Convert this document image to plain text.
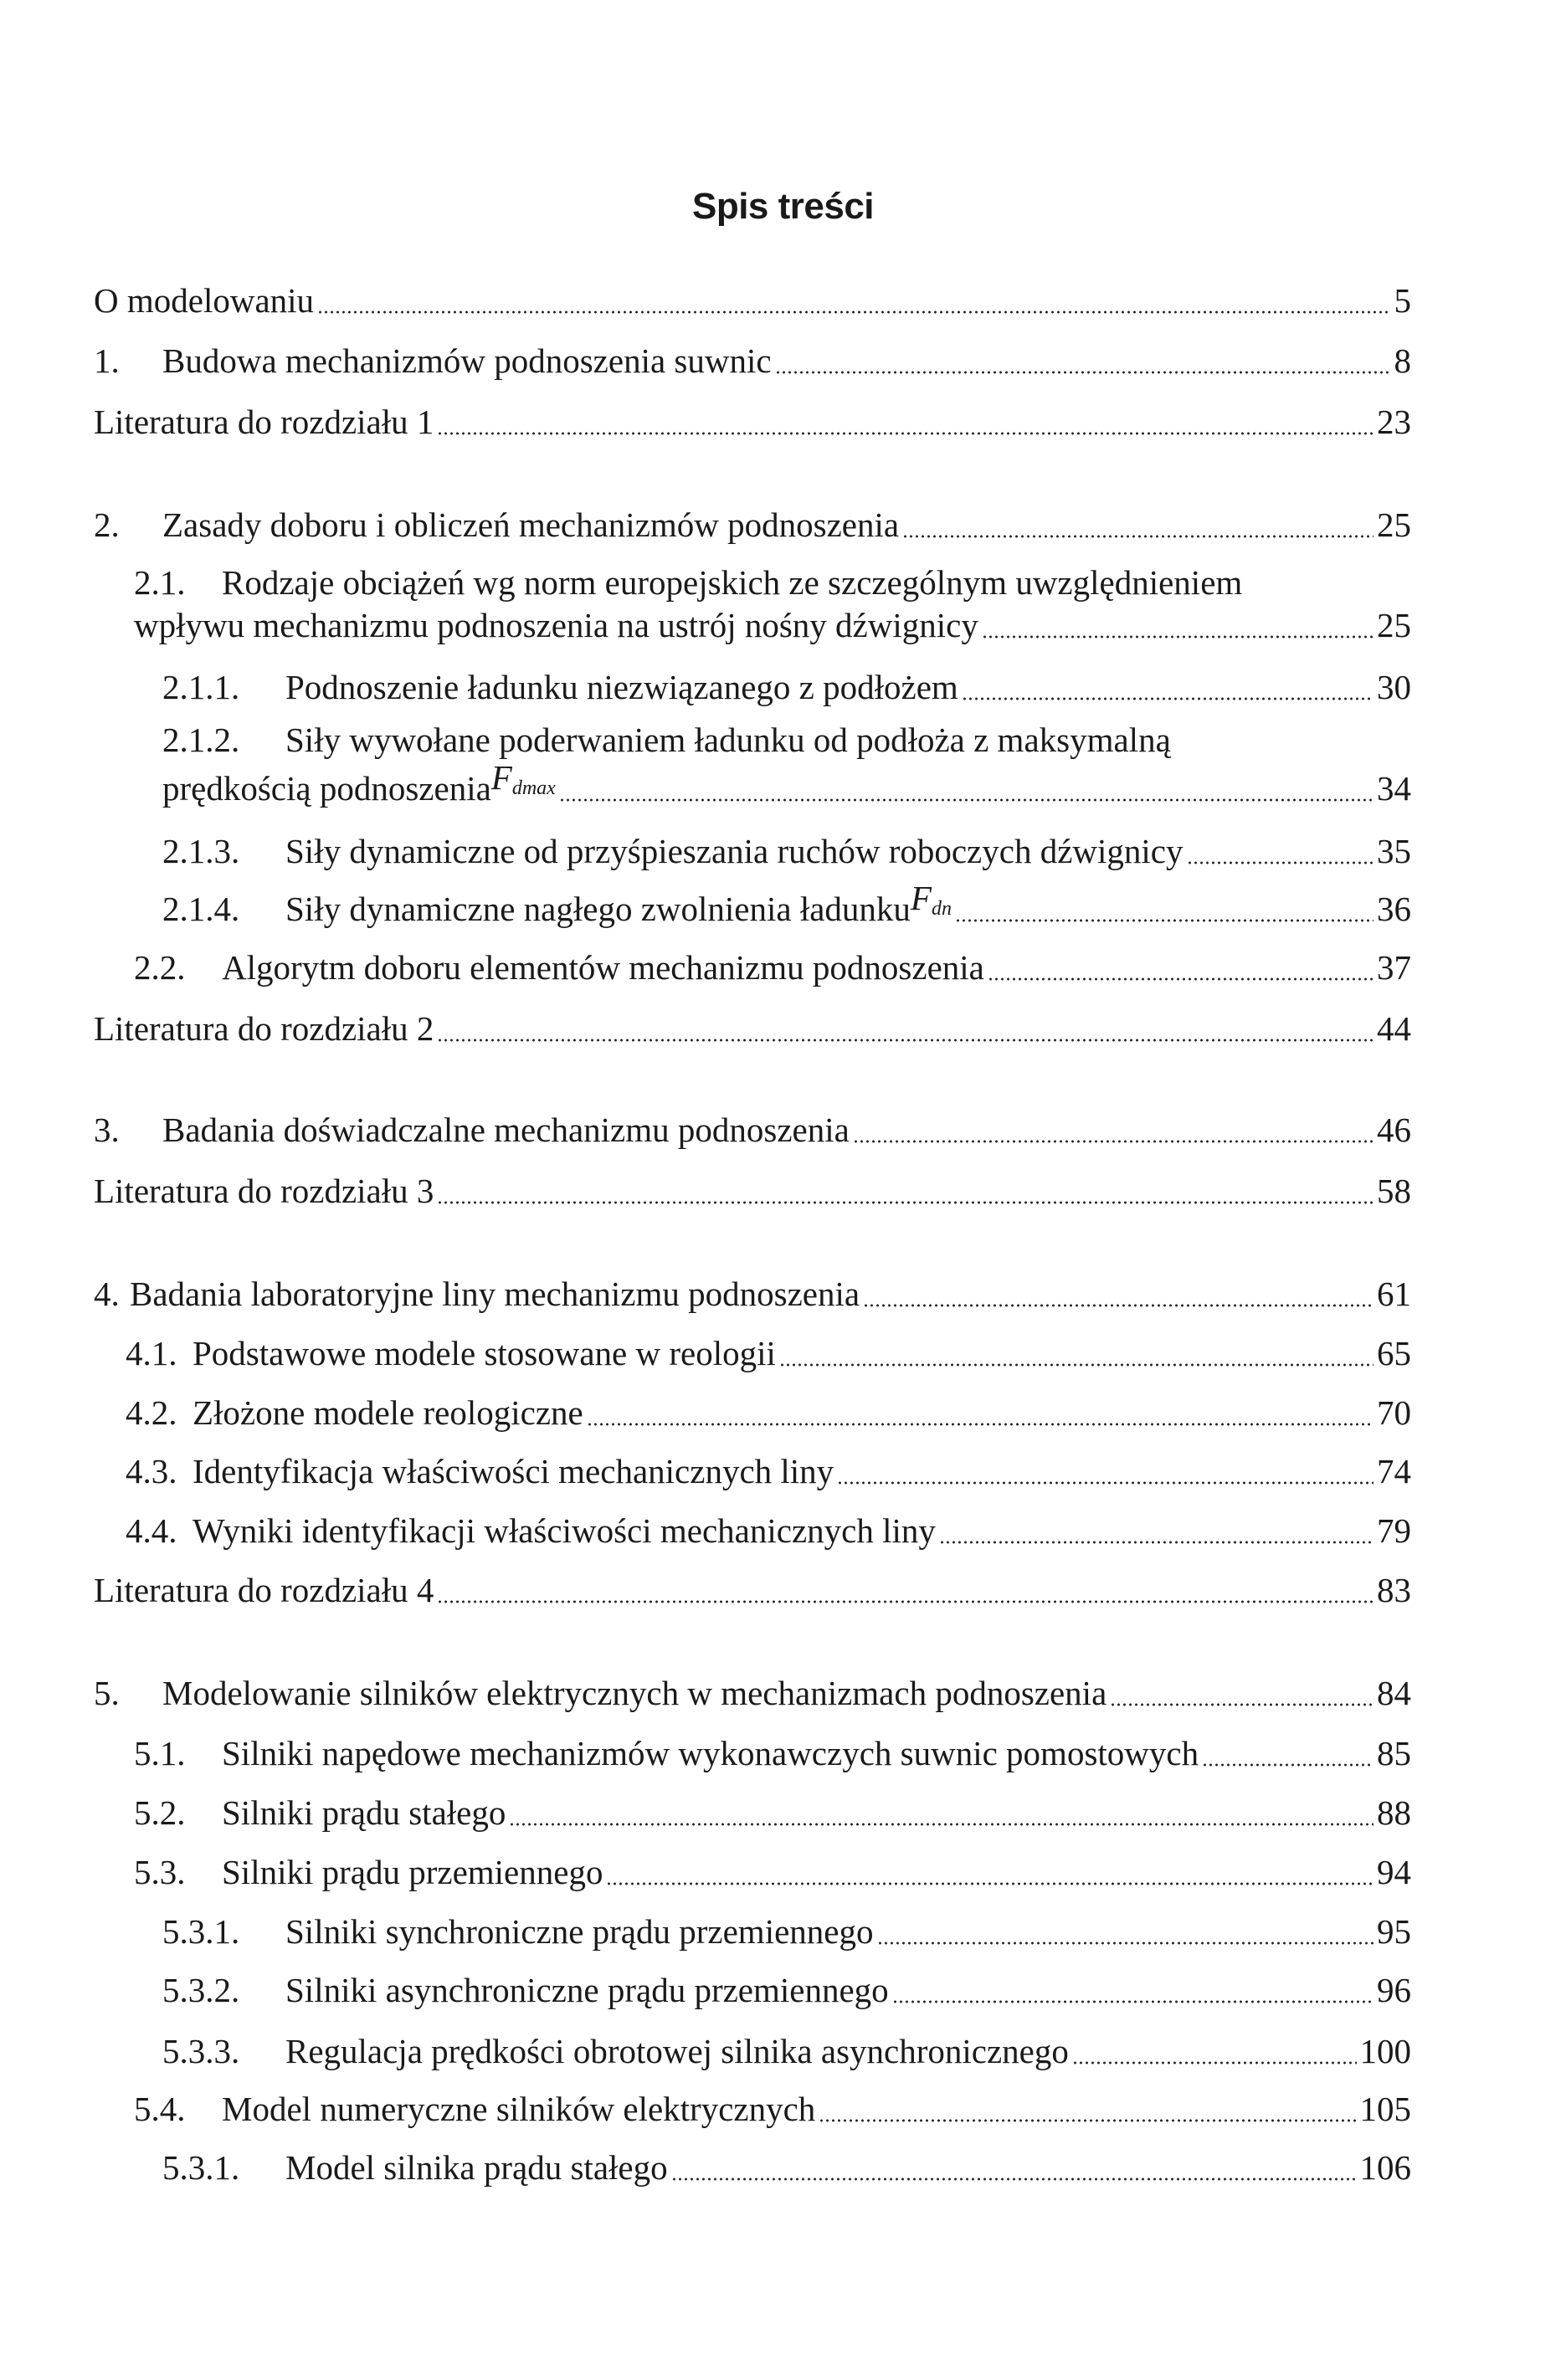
Spis treści
O modelowaniu	5
1.	Budowa mechanizmów podnoszenia suwnic	8
Literatura do rozdziału 1	23
2.	Zasady doboru i obliczeń mechanizmów podnoszenia	25
2.1.	Rodzaje obciążeń wg norm europejskich ze szczególnym uwzględnieniem
wpływu mechanizmu podnoszenia na ustrój nośny dźwignicy	25
2.1.1.	Podnoszenie ładunku niezwiązanego z podłożem	30
2.1.2.	Siły wywołane poderwaniem ładunku od podłoża z maksymalną
prędkością podnoszenia $F_{dmax}$	34
2.1.3.	Siły dynamiczne od przyśpieszania ruchów roboczych dźwignicy	35
2.1.4.	Siły dynamiczne nagłego zwolnienia ładunku $F_{dn}$	36
2.2.	Algorytm doboru elementów mechanizmu podnoszenia	37
Literatura do rozdziału 2	44
3.	Badania doświadczalne mechanizmu podnoszenia	46
Literatura do rozdziału 3	58
4. Badania laboratoryjne liny mechanizmu podnoszenia	61
4.1. Podstawowe modele stosowane w reologii	65
4.2. Złożone modele reologiczne	70
4.3. Identyfikacja właściwości mechanicznych liny	74
4.4. Wyniki identyfikacji właściwości mechanicznych liny	79
Literatura do rozdziału 4	83
5.	Modelowanie silników elektrycznych w mechanizmach podnoszenia	84
5.1.	Silniki napędowe mechanizmów wykonawczych suwnic pomostowych	85
5.2.	Silniki prądu stałego	88
5.3.	Silniki prądu przemiennego	94
5.3.1.	Silniki synchroniczne prądu przemiennego	95
5.3.2.	Silniki asynchroniczne prądu przemiennego	96
5.3.3.	Regulacja prędkości obrotowej silnika asynchronicznego	100
5.4.	Model numeryczne silników elektrycznych	105
5.3.1.	Model silnika prądu stałego	106
